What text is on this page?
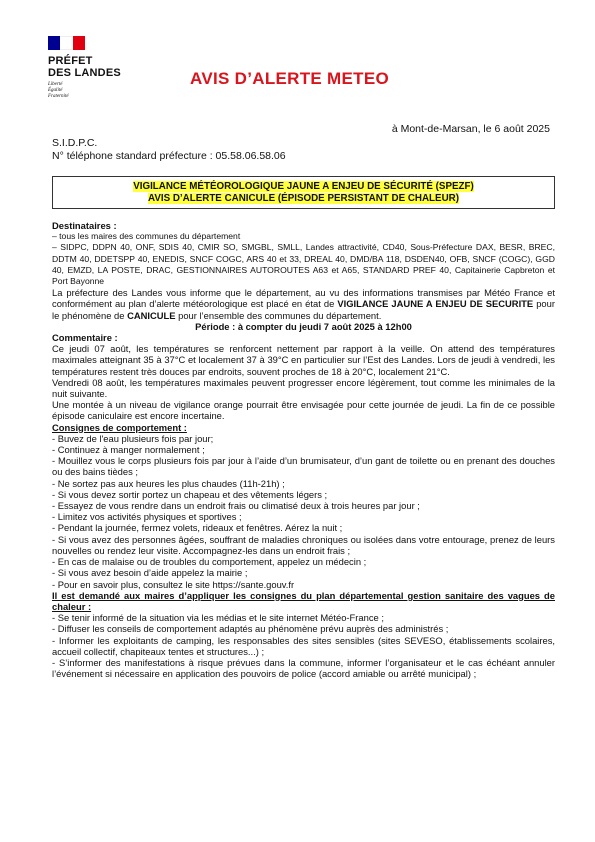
PRÉFET
DES LANDES
Liberté
Égalité
Fraternité
AVIS D’ALERTE METEO
à Mont-de-Marsan, le 6 août 2025
S.I.D.P.C.
N° téléphone standard préfecture : 05.58.06.58.06
VIGILANCE MÉTÉOROLOGIQUE JAUNE A ENJEU DE SÉCURITÉ (SPEZF)
AVIS D’ALERTE CANICULE (ÉPISODE PERSISTANT DE CHALEUR)

Destinataires :

– tous les maires des communes du département

– SIDPC, DDPN 40, ONF, SDIS 40, CMIR SO, SMGBL, SMLL, Landes attractivité, CD40, Sous-Préfecture DAX, BESR, BREC, DDTM 40, DDETSPP 40, ENEDIS, SNCF COGC, ARS 40 et 33, DREAL 40, DMD/BA 118, DSDEN40, OFB, SNCF (COGC), GGD 40, EMZD, LA POSTE, DRAC, GESTIONNAIRES AUTOROUTES A63 et A65, STANDARD PREF 40, Capitainerie Capbreton et Port Bayonne

La préfecture des Landes vous informe que le département, au vu des informations transmises par Météo France et conformément au plan d’alerte météorologique est placé en état de VIGILANCE JAUNE A ENJEU DE SECURITE pour le phénomène de CANICULE pour l’ensemble des communes du département.

Période : à compter du jeudi 7 août 2025 à 12h00

Commentaire :

Ce jeudi 07 août, les températures se renforcent nettement par rapport à la veille. On attend des températures maximales atteignant 35 à 37°C et localement 37 à 39°C en particulier sur l’Est des Landes. Lors de jeudi à vendredi, les températures restent très douces par endroits, souvent proches de 18 à 20°C, localement 21°C.

Vendredi 08 août, les températures maximales peuvent progresser encore légèrement, tout comme les minimales de la nuit suivante.

Une montée à un niveau de vigilance orange pourrait être envisagée pour cette journée de jeudi. La fin de ce possible épisode caniculaire est encore incertaine.

Consignes de comportement :

- Buvez de l'eau plusieurs fois par jour;

- Continuez à manger normalement ;

- Mouillez vous le corps plusieurs fois par jour à l’aide d’un brumisateur, d’un gant de toilette ou en prenant des douches ou des bains tièdes ;

- Ne sortez pas aux heures les plus chaudes (11h-21h) ;

- Si vous devez sortir portez un chapeau et des vêtements légers ;

- Essayez de vous rendre dans un endroit frais ou climatisé deux à trois heures par jour ;

- Limitez vos activités physiques et sportives ;

- Pendant la journée, fermez volets, rideaux et fenêtres. Aérez la nuit ;

- Si vous avez des personnes âgées, souffrant de maladies chroniques ou isolées dans votre entourage, prenez de leurs nouvelles ou rendez leur visite. Accompagnez-les dans un endroit frais ;

- En cas de malaise ou de troubles du comportement, appelez un médecin ;

- Si vous avez besoin d’aide appelez la mairie ;

- Pour en savoir plus, consultez le site https://sante.gouv.fr

Il est demandé aux maires d’appliquer les consignes du plan départemental gestion sanitaire des vagues de chaleur :

- Se tenir informé de la situation via les médias et le site internet Météo-France ;

- Diffuser les conseils de comportement adaptés au phénomène prévu auprès des administrés ;

- Informer les exploitants de camping, les responsables des sites sensibles (sites SEVESO, établissements scolaires, accueil collectif, chapiteaux tentes et structures...) ;

- S’informer des manifestations à risque prévues dans la commune, informer l’organisateur et le cas échéant annuler l’événement si nécessaire en application des pouvoirs de police (accord amiable ou arrêté municipal) ;
